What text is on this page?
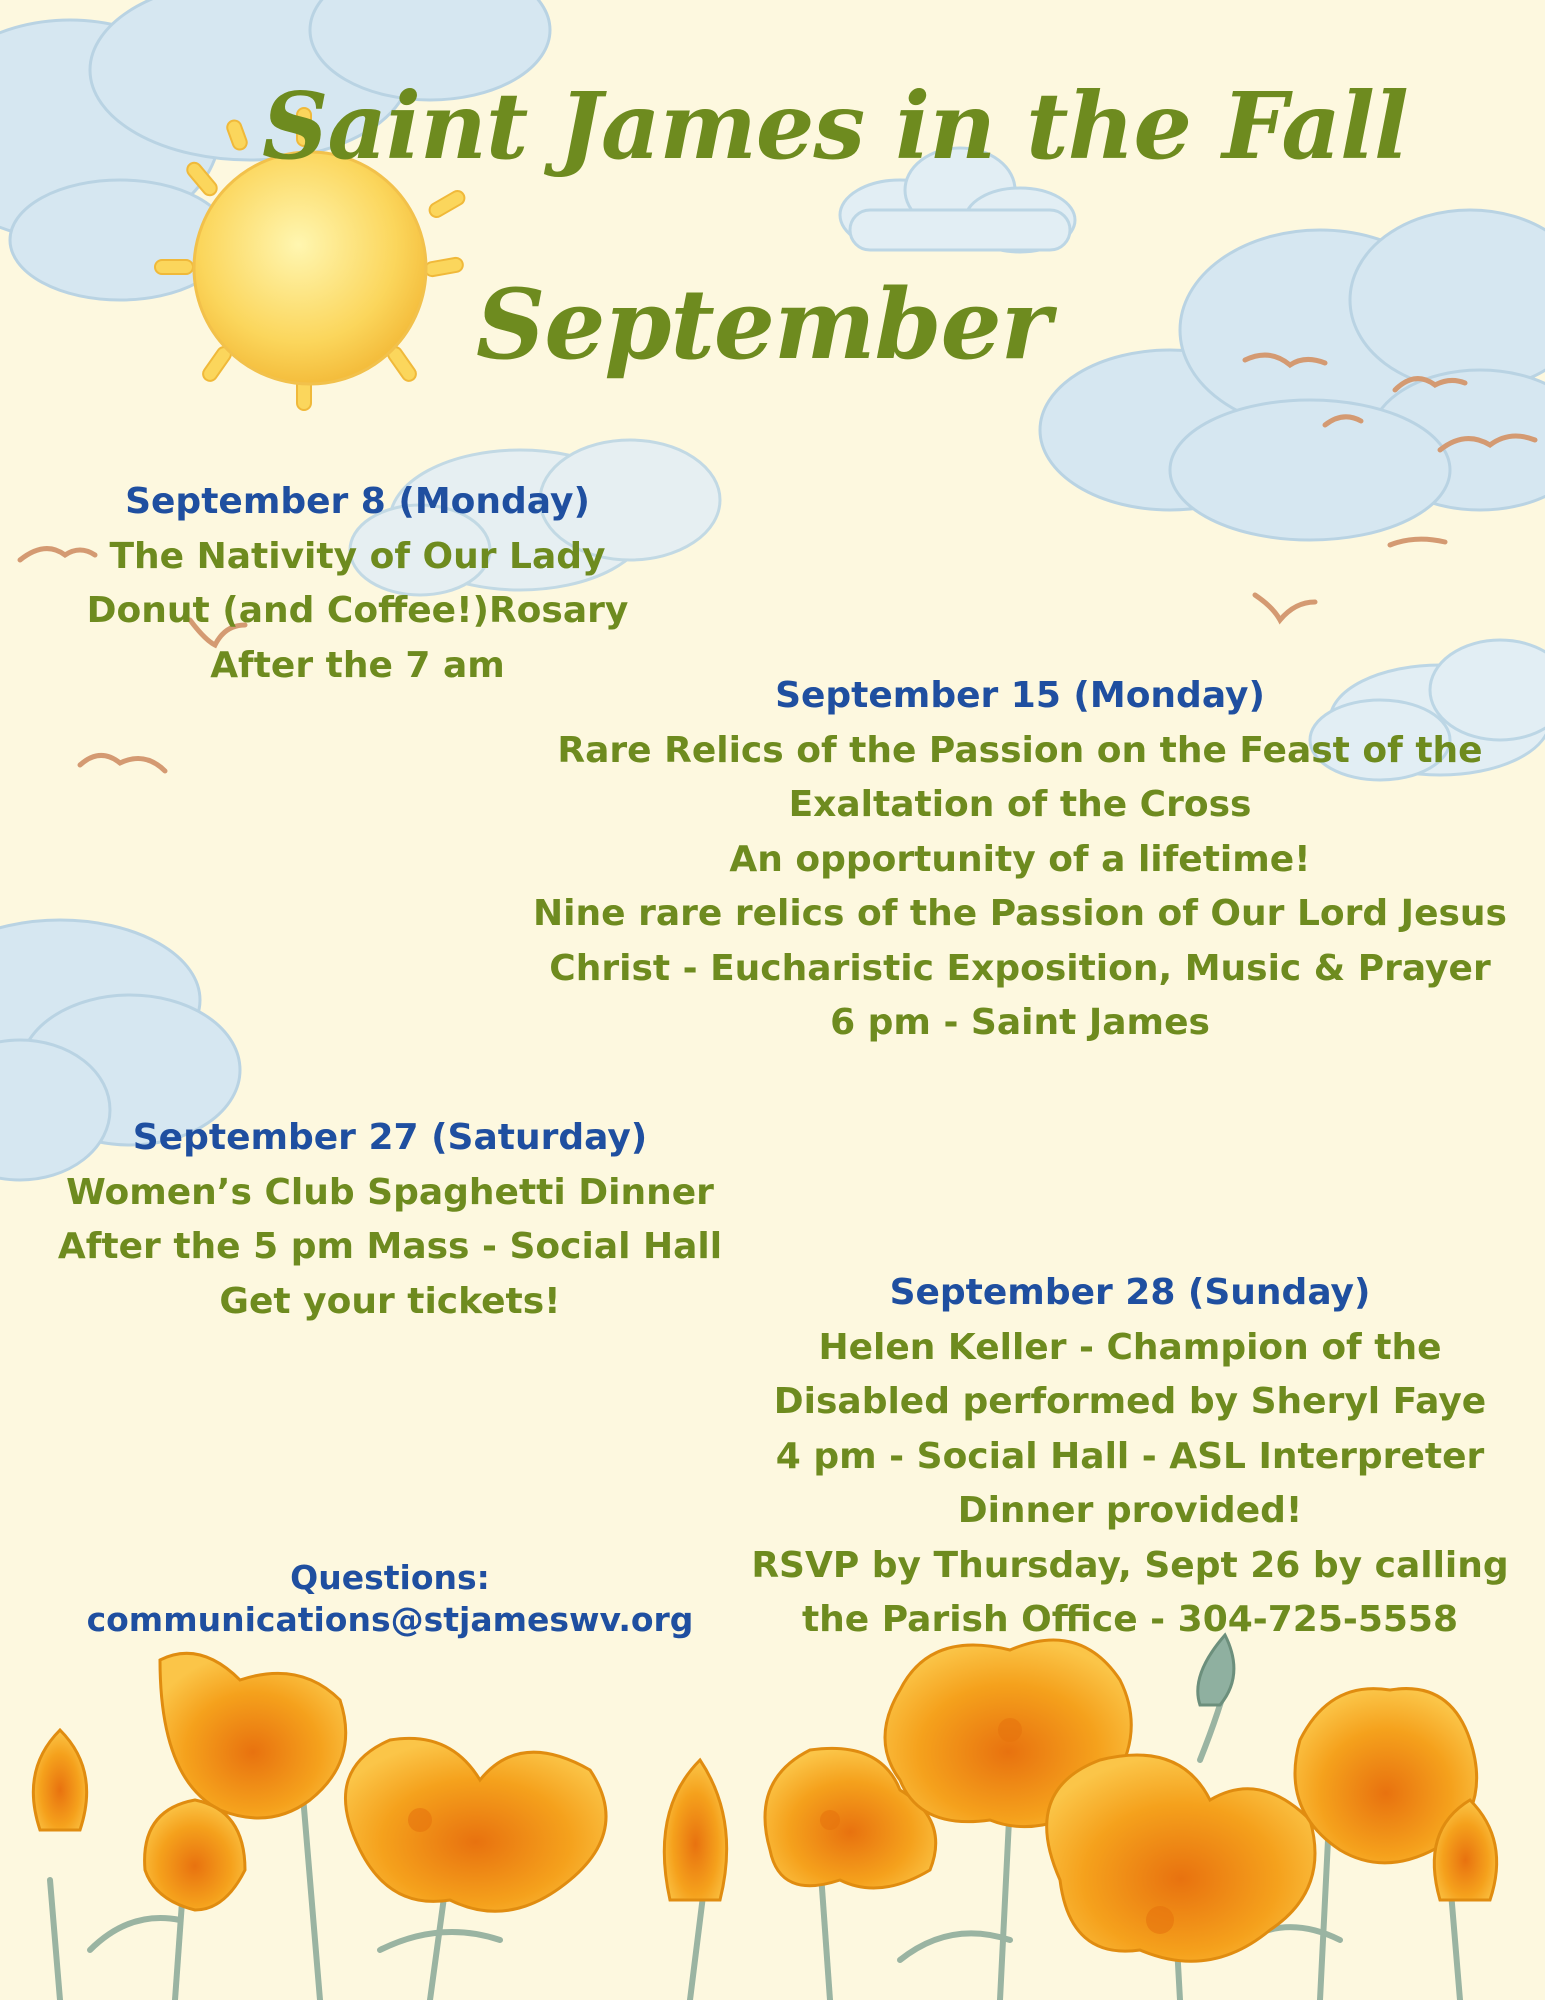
Saint James in the Fall
September
September 8 (Monday)
The Nativity of Our Lady
Donut (and Coffee!)Rosary
After the 7 am
September 15 (Monday)
Rare Relics of the Passion on the Feast of the
Exaltation of the Cross
An opportunity of a lifetime!
Nine rare relics of the Passion of Our Lord Jesus
Christ - Eucharistic Exposition, Music & Prayer
6 pm - Saint James
September 27 (Saturday)
Women’s Club Spaghetti Dinner
After the 5 pm Mass - Social Hall
Get your tickets!	September 28 (Sunday)
Helen Keller - Champion of the
Disabled performed by Sheryl Faye
4 pm - Social Hall - ASL Interpreter
Dinner provided!
RSVP by Thursday, Sept 26 by calling
the Parish Office - 304-725-5558
Questions:
communications@stjameswv.org
